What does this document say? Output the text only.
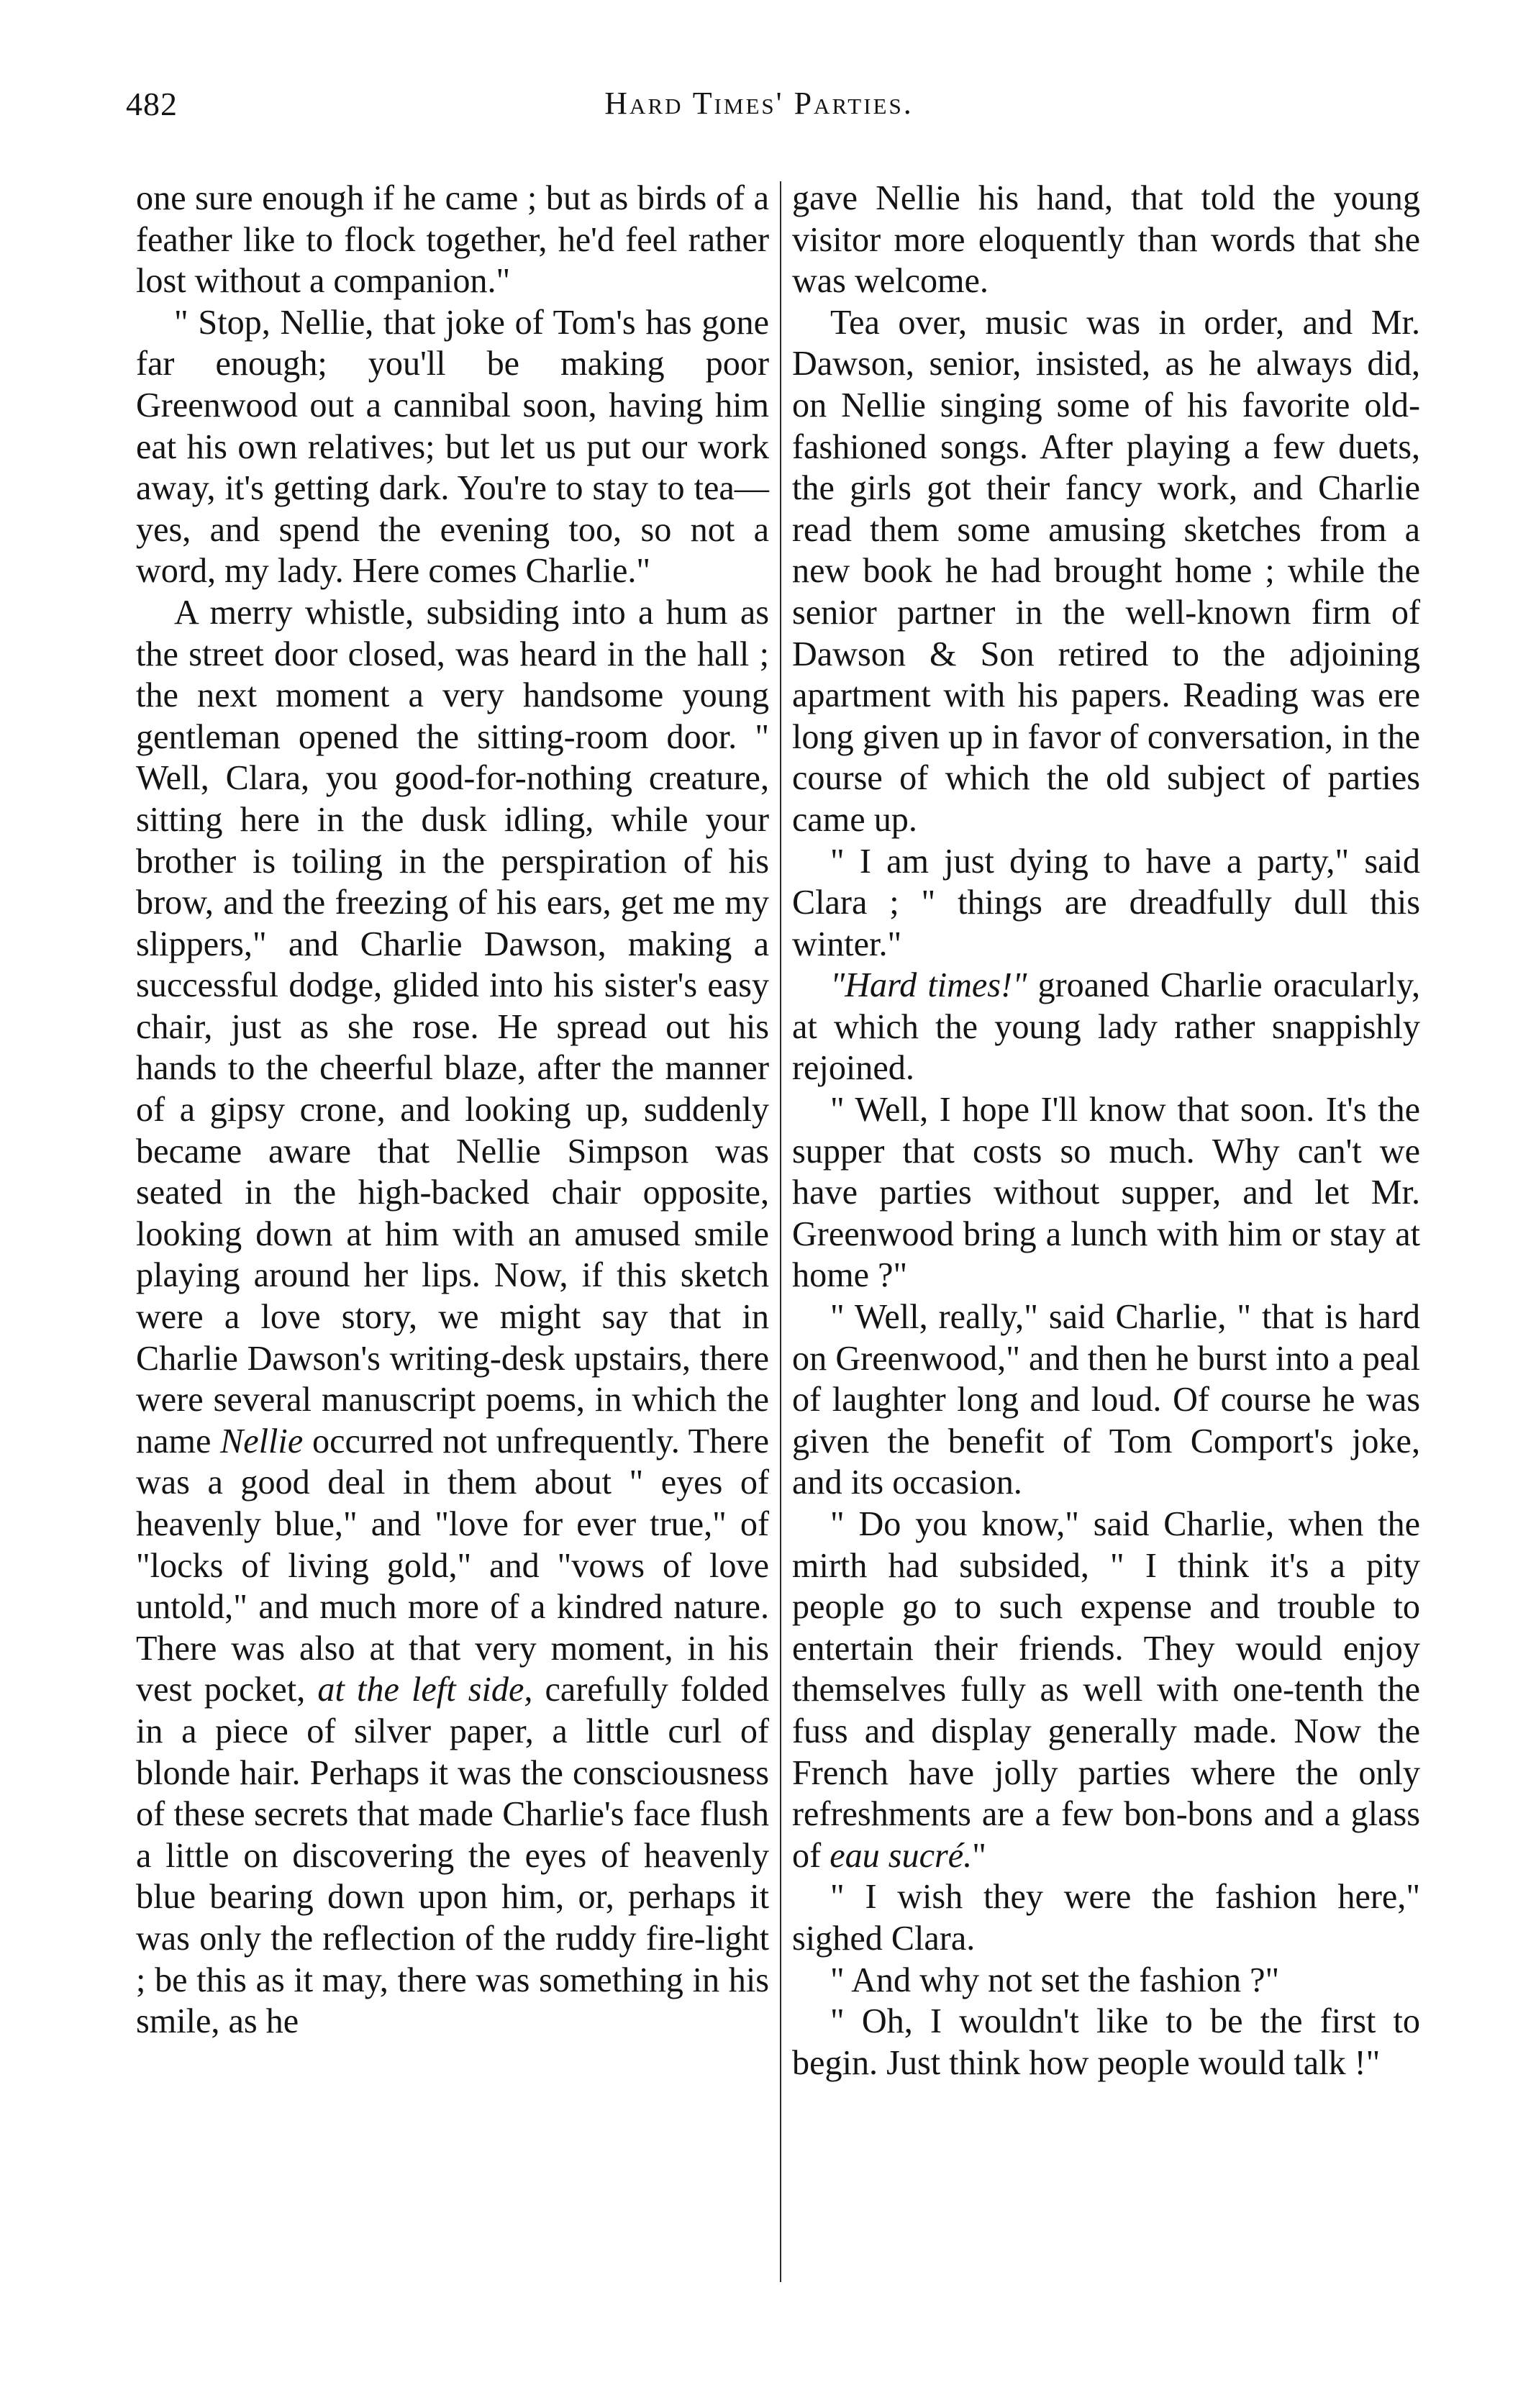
482	Hard Times' Parties.

one sure enough if he came ; but as birds of a feather like to flock together, he'd feel rather lost without a companion."

" Stop, Nellie, that joke of Tom's has gone far enough; you'll be making poor Greenwood out a cannibal soon, having him eat his own relatives; but let us put our work away, it's getting dark. You're to stay to tea—yes, and spend the evening too, so not a word, my lady. Here comes Charlie."

A merry whistle, subsiding into a hum as the street door closed, was heard in the hall ; the next moment a very handsome young gentleman opened the sitting-room door. " Well, Clara, you good-for-nothing creature, sitting here in the dusk idling, while your brother is toiling in the perspiration of his brow, and the freezing of his ears, get me my slippers," and Charlie Dawson, making a successful dodge, glided into his sister's easy chair, just as she rose. He spread out his hands to the cheerful blaze, after the manner of a gipsy crone, and looking up, suddenly became aware that Nellie Simpson was seated in the high-backed chair opposite, looking down at him with an amused smile playing around her lips. Now, if this sketch were a love story, we might say that in Charlie Dawson's writing-desk upstairs, there were several manuscript poems, in which the name Nellie occurred not unfrequently. There was a good deal in them about " eyes of heavenly blue," and "love for ever true," of "locks of living gold," and "vows of love untold," and much more of a kindred nature. There was also at that very moment, in his vest pocket, at the left side, carefully folded in a piece of silver paper, a little curl of blonde hair. Perhaps it was the consciousness of these secrets that made Charlie's face flush a little on discovering the eyes of heavenly blue bearing down upon him, or, perhaps it was only the reflection of the ruddy fire-light ; be this as it may, there was something in his smile, as he

gave Nellie his hand, that told the young visitor more eloquently than words that she was welcome.

Tea over, music was in order, and Mr. Dawson, senior, insisted, as he always did, on Nellie singing some of his favorite old-fashioned songs. After playing a few duets, the girls got their fancy work, and Charlie read them some amusing sketches from a new book he had brought home ; while the senior partner in the well-known firm of Dawson & Son retired to the adjoining apartment with his papers. Reading was ere long given up in favor of conversation, in the course of which the old subject of parties came up.

" I am just dying to have a party," said Clara ; " things are dreadfully dull this winter."

"Hard times!" groaned Charlie oracularly, at which the young lady rather snappishly rejoined.

" Well, I hope I'll know that soon. It's the supper that costs so much. Why can't we have parties without supper, and let Mr. Greenwood bring a lunch with him or stay at home ?"

" Well, really," said Charlie, " that is hard on Greenwood," and then he burst into a peal of laughter long and loud. Of course he was given the benefit of Tom Comport's joke, and its occasion.

" Do you know," said Charlie, when the mirth had subsided, " I think it's a pity people go to such expense and trouble to entertain their friends. They would enjoy themselves fully as well with one-tenth the fuss and display generally made. Now the French have jolly parties where the only refreshments are a few bon-bons and a glass of eau sucré."

" I wish they were the fashion here," sighed Clara.

" And why not set the fashion ?"

" Oh, I wouldn't like to be the first to begin. Just think how people would talk !"
